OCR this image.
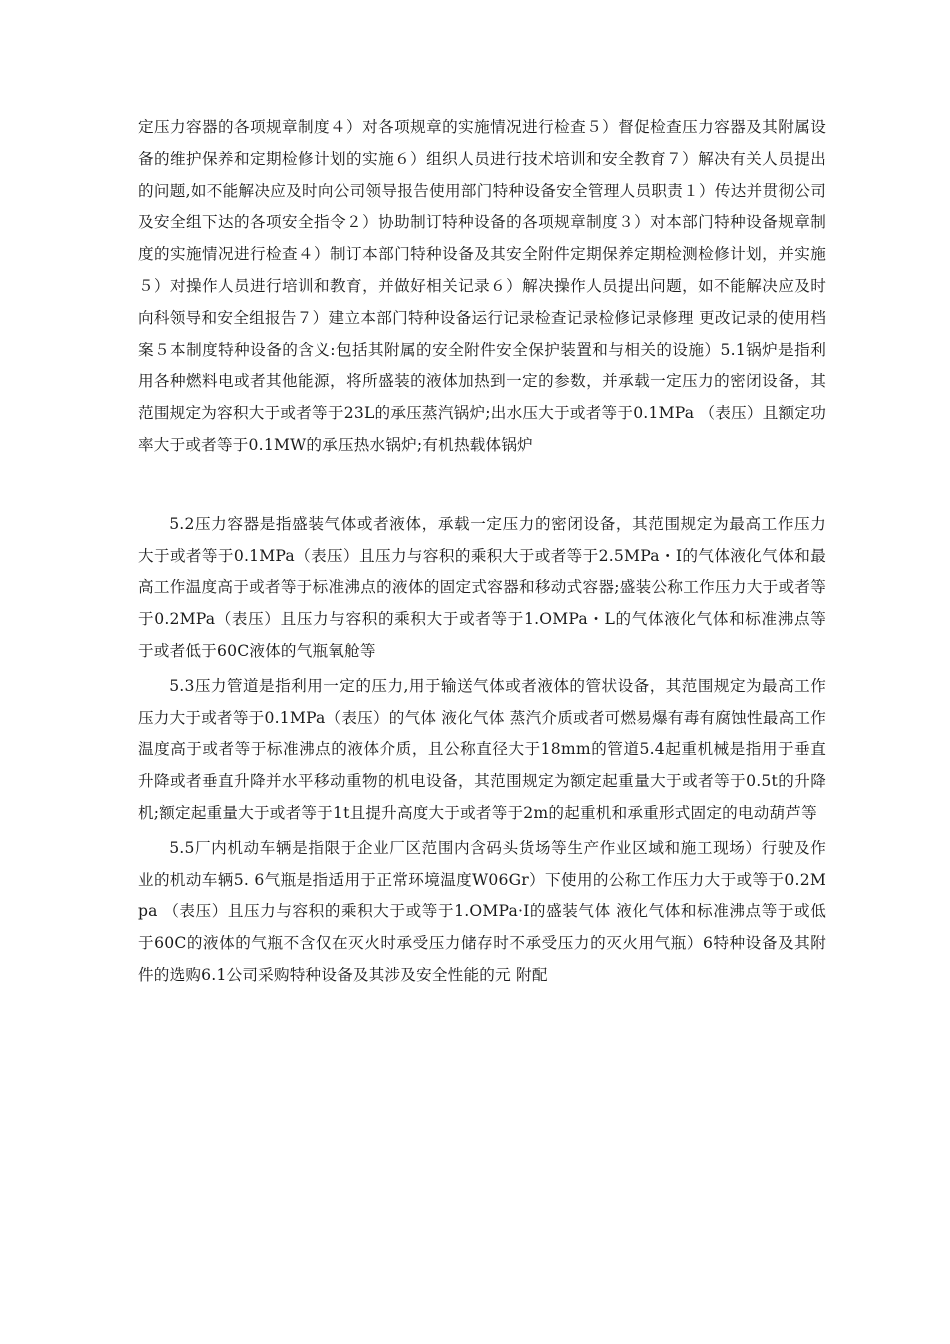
定压力容器的各项规章制度４）对各项规章的实施情况进行检查５）督促检查压力容器及其附属设备的维护保养和定期检修计划的实施６）组织人员进行技术培训和安全教育７）解决有关人员提出的问题,如不能解决应及时向公司领导报告使用部门特种设备安全管理人员职责１）传达并贯彻公司及安全组下达的各项安全指令２）协助制订特种设备的各项规章制度３）对本部门特种设备规章制度的实施情况进行检查４）制订本部门特种设备及其安全附件定期保养定期检测检修计划，并实施５）对操作人员进行培训和教育，并做好相关记录６）解决操作人员提出问题，如不能解决应及时向科领导和安全组报告７）建立本部门特种设备运行记录检查记录检修记录修理 更改记录的使用档案５本制度特种设备的含义:包括其附属的安全附件安全保护装置和与相关的设施）5.1锅炉是指利用各种燃料电或者其他能源，将所盛装的液体加热到一定的参数，并承载一定压力的密闭设备，其范围规定为容积大于或者等于23L的承压蒸汽锅炉;出水压大于或者等于0.1MPa （表压）且额定功率大于或者等于0.1MW的承压热水锅炉;有机热载体锅炉

5.2压力容器是指盛装气体或者液体，承载一定压力的密闭设备，其范围规定为最高工作压力大于或者等于0.1MPa（表压）且压力与容积的乘积大于或者等于2.5MPa・I的气体液化气体和最高工作温度高于或者等于标准沸点的液体的固定式容器和移动式容器;盛装公称工作压力大于或者等于0.2MPa（表压）且压力与容积的乘积大于或者等于1.OMPa・L的气体液化气体和标准沸点等于或者低于60C液体的气瓶氧舱等

5.3压力管道是指利用一定的压力,用于输送气体或者液体的管状设备，其范围规定为最高工作压力大于或者等于0.1MPa（表压）的气体 液化气体 蒸汽介质或者可燃易爆有毒有腐蚀性最高工作温度高于或者等于标准沸点的液体介质，且公称直径大于18mm的管道5.4起重机械是指用于垂直升降或者垂直升降并水平移动重物的机电设备，其范围规定为额定起重量大于或者等于0.5t的升降机;额定起重量大于或者等于1t且提升高度大于或者等于2m的起重机和承重形式固定的电动葫芦等

5.5厂内机动车辆是指限于企业厂区范围内含码头货场等生产作业区域和施工现场）行驶及作业的机动车辆5. 6气瓶是指适用于正常环境温度W06Gr）下使用的公称工作压力大于或等于0.2Mpa （表压）且压力与容积的乘积大于或等于1.OMPa·I的盛装气体 液化气体和标准沸点等于或低于60C的液体的气瓶不含仅在灭火时承受压力储存时不承受压力的灭火用气瓶）6特种设备及其附件的选购6.1公司采购特种设备及其涉及安全性能的元 附配
